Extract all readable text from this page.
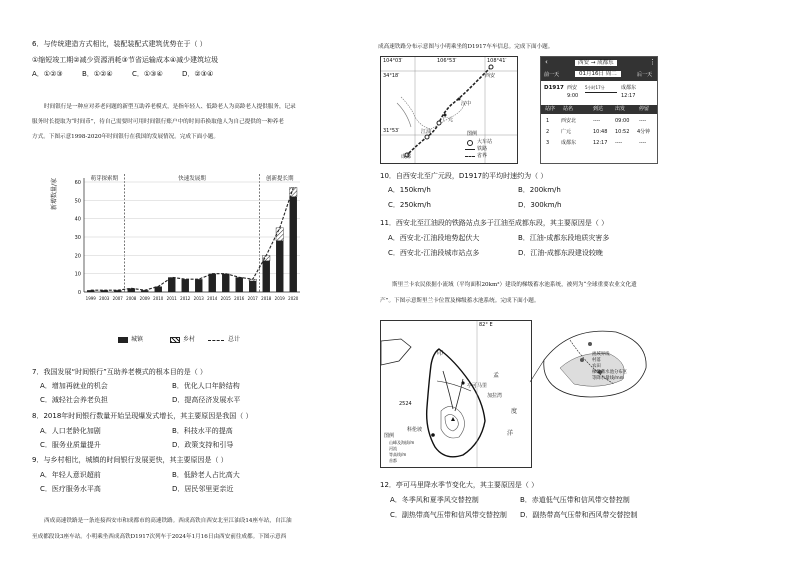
6．与传统建造方式相比，装配装配式建筑优势在于（ ）
①缩短竣工期②减少资源消耗③节省运输成本④减少建筑垃圾
A．①②③	B．①②④	C．①③④	D．②③④
时间银行是一种应对养老问题的新型互助养老模式，是指年轻人、低龄老人为高龄老人提供服务，记录
服务时长提取为“时间币”，待自己需要时可用时间银行账户中的时间币换取他人为自己提供的一种养老
方式。下图示意1998-2020年时间银行在我国的发展情况。完成下面小题。
萌芽探索期	快速发展期	创新提长期
60
50
40
30
20
10
0
1999 2003 2007 2008 2009 2010 2011 2012 2013 2014 2015 2016 2017 2018 2019 2020
新增数量/家
城镇	乡村	总计
7．我国发展“时间银行”互助养老模式的根本目的是（ ）
A．增加再就业的机会	B．优化人口年龄结构
C．減轻社会养老负担	D．提高径济发展水平
8．2018年时间银行数量开始呈现爆发式增长，其主要原因是我国（ ）
A．人口老龄化加剧	B．科技水平的提高
C．服务业质量提升	D．政策支持和引导
9．与乡村相比，城镇的时间银行发展更快，其主要原因是（ ）
A．年轻人意识超前	B．低龄老人占比高大
C．医疗服务水平高	D．居民邻里更亲近
西成高速铁路是一条连接西安市和成都市的高速铁路。西成高铁自西安北至江油设14座车站，自江油
至成都段设3座车站。小明乘坐西成高铁D1917次列车于2024年1月16日由西安前往成都。下图示意西
成高速铁路分布示意图与小明乘坐的D1917车车信息。完成下面小题。
104°03′	106°53′	108°41′
34°18′
31°53′
西安
汉中
广元
江油
成都
图例
大车站
铁路
省界
‹	西安 → 成都东	⋮
前一天	01月16日 周二	后一天
D1917 西安 5小时17分	成都东
9:00	12:17
站序 站名	到达 出发	停留
1 西安北	----	09:00 ----
2 广元	10:48 10:52 4分钟
3 成都东	12:17 ----	----
10．自西安北至广元段，D1917的平均时速约为（ ）
A．150km/h	B．200km/h
C．250km/h	D．300km/h
11．西安北至江油段的铁路站点多于江油至成都东段，其主要原因是（ ）
A．西安北-江油段地势起伏大	B．江油-成都东段地质灾害多
C．西安北-江油段城市站点多	D．江油-成都东段建设较晚
斯里兰卡农民依据小流域（平均面积20km²）建设的梯级蓄水池系统，被列为“全球重要农业文化遗
产”。下图示意斯里兰卡位置及梯级蓄水池系统。完成下面小题。
82° E
印
亭可马里
孟
加拉湾
度
洋
2524
科伦坡
图例
山峰及海拔/m
河流
等高线/m
首都
流域界线
村落
农田
梯级蓄水池分布区
等降水量线/mm
12．亭可马里降水季节变化大，其主要原因是（ ）
A．冬季风和夏季风交替控制	B．赤道低气压带和信风带交替控制
C．副热带高气压带和信风带交替控制 D．副热带高气压带和西风带交替控制
